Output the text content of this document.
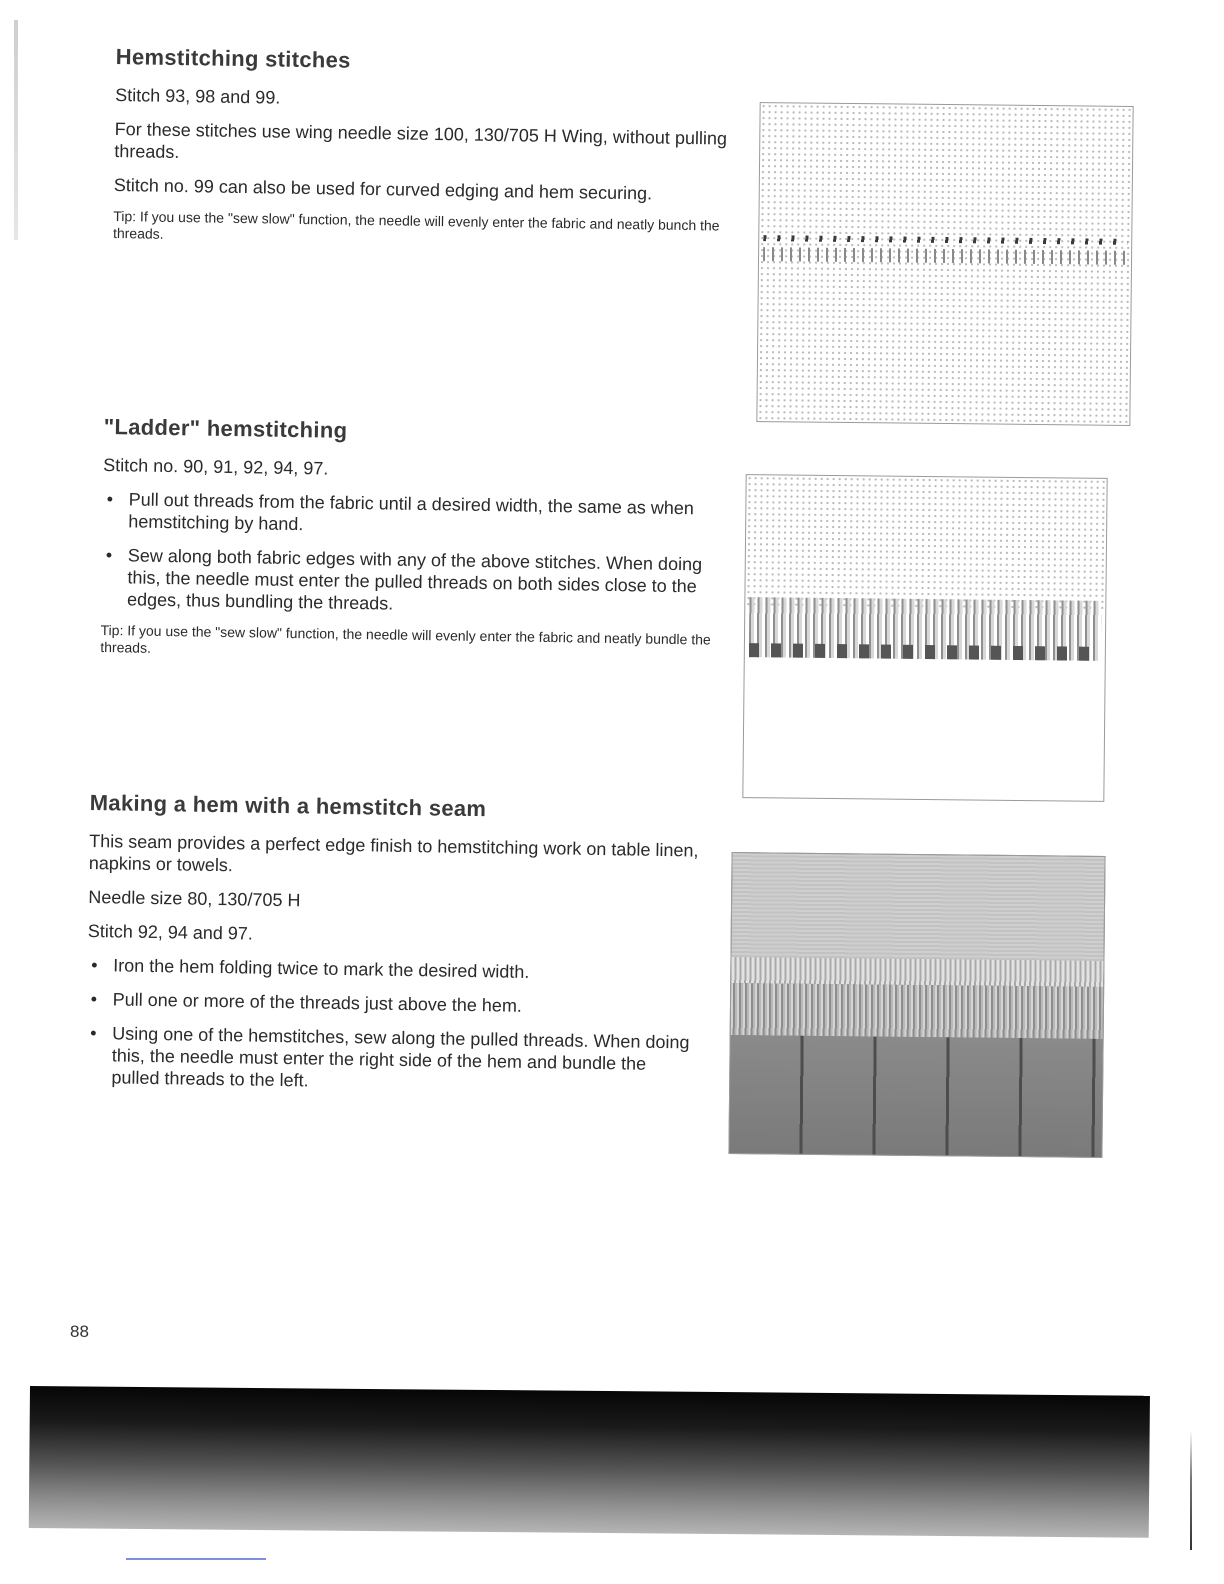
Hemstitching stitches

Stitch 93, 98 and 99.

For these stitches use wing needle size 100, 130/705 H Wing, without pulling threads.

Stitch no. 99 can also be used for curved edging and hem securing.

Tip: If you use the "sew slow" function, the needle will evenly enter the fabric and neatly bunch the threads.

"Ladder" hemstitching

Stitch no. 90, 91, 92, 94, 97.

• Pull out threads from the fabric until a desired width, the same as when hemstitching by hand.
• Sew along both fabric edges with any of the above stitches. When doing this, the needle must enter the pulled threads on both sides close to the edges, thus bundling the threads.

Tip: If you use the "sew slow" function, the needle will evenly enter the fabric and neatly bundle the threads.

Making a hem with a hemstitch seam

This seam provides a perfect edge finish to hemstitching work on table linen, napkins or towels.

Needle size 80, 130/705 H

Stitch 92, 94 and 97.

• Iron the hem folding twice to mark the desired width.
• Pull one or more of the threads just above the hem.
• Using one of the hemstitches, sew along the pulled threads. When doing this, the needle must enter the right side of the hem and bundle the pulled threads to the left.
88
